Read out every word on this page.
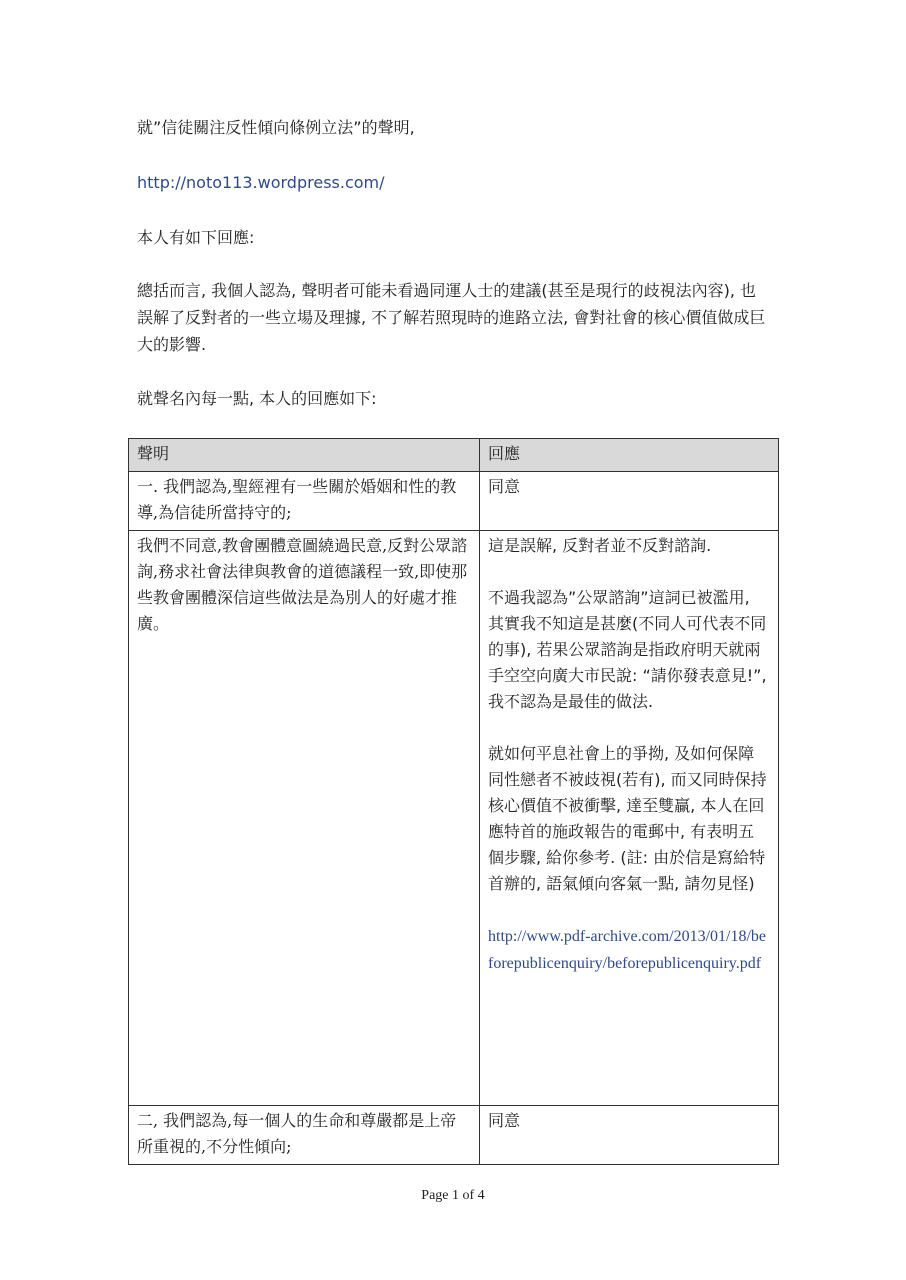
就”信徒關注反性傾向條例立法”的聲明,

http://noto113.wordpress.com/

本人有如下回應:

總括而言, 我個人認為, 聲明者可能未看過同運人士的建議(甚至是現行的歧視法內容), 也誤解了反對者的一些立場及理據, 不了解若照現時的進路立法, 會對社會的核心價值做成巨大的影響.

就聲名內每一點, 本人的回應如下:

聲明	回應
一. 我們認為,聖經裡有一些關於婚姻和性的教導,為信徒所當持守的;	同意

我們不同意,教會團體意圖繞過民意,反對公眾諮詢,務求社會法律與教會的道德議程一致,即使那些教會團體深信這些做法是為別人的好處才推廣。	這是誤解, 反對者並不反對諮詢.

不過我認為”公眾諮詢”這詞已被濫用, 其實我不知這是甚麼(不同人可代表不同的事), 若果公眾諮詢是指政府明天就兩手空空向廣大市民說: “請你發表意見!”, 我不認為是最佳的做法.

就如何平息社會上的爭拗, 及如何保障同性戀者不被歧視(若有), 而又同時保持核心價值不被衝擊, 達至雙贏, 本人在回應特首的施政報告的電郵中, 有表明五個步驟, 給你參考. (註: 由於信是寫給特首辦的, 語氣傾向客氣一點, 請勿見怪)

http://www.pdf-archive.com/2013/01/18/beforepublicenquiry/beforepublicenquiry.pdf

二, 我們認為,每一個人的生命和尊嚴都是上帝所重視的,不分性傾向;	同意

Page 1 of 4
